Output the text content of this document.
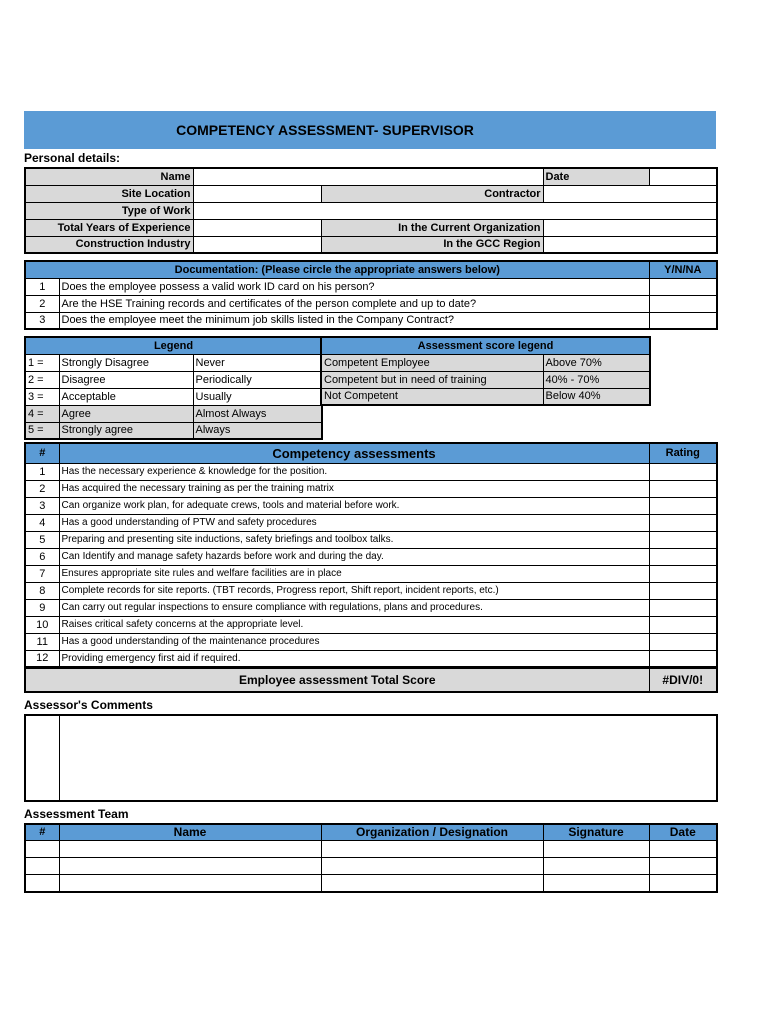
COMPETENCY ASSESSMENT- SUPERVISOR
Personal details:
Name			Date	
Site Location		Contractor		
Type of Work				
Total Years of Experience		In the Current Organization		
Construction Industry		In the GCC Region		
Documentation: (Please circle the appropriate answers below)		Y/N/NA
1	Does the employee possess a valid work ID card on his person?	
2	Are the HSE Training records and certificates of the person complete and up to date?	
3	Does the employee meet the minimum job skills listed in the Company Contract?	
Legend		
1 =	Strongly Disagree	Never
2 =	Disagree	Periodically
3 =	Acceptable	Usually
4 =	Agree	Almost Always
5 =	Strongly agree	Always
Assessment score legend	
Competent Employee	Above 70%
Competent but in need of training	40% - 70%
Not Competent	Below 40%
#	Competency assessments	Rating
1	Has the necessary experience & knowledge for the position.	
2	Has acquired the necessary training as per the training matrix	
3	Can organize work plan, for adequate crews, tools and material before work.	
4	Has a good understanding of PTW and safety procedures	
5	Preparing and presenting site inductions, safety briefings and toolbox talks.	
6	Can Identify and manage safety hazards before work and during the day.	
7	Ensures appropriate site rules and welfare facilities are in place	
8	Complete records for site reports. (TBT records, Progress report, Shift report, incident reports, etc.)	
9	Can carry out regular inspections to ensure compliance with regulations, plans and procedures.	
10	Raises critical safety concerns at the appropriate level.	
11	Has a good understanding of the maintenance procedures	
12	Providing emergency first aid if required.	
Employee assessment Total Score	#DIV/0!
Assessor's Comments

Assessment Team
#	Name	Organization / Designation	Signature	Date
